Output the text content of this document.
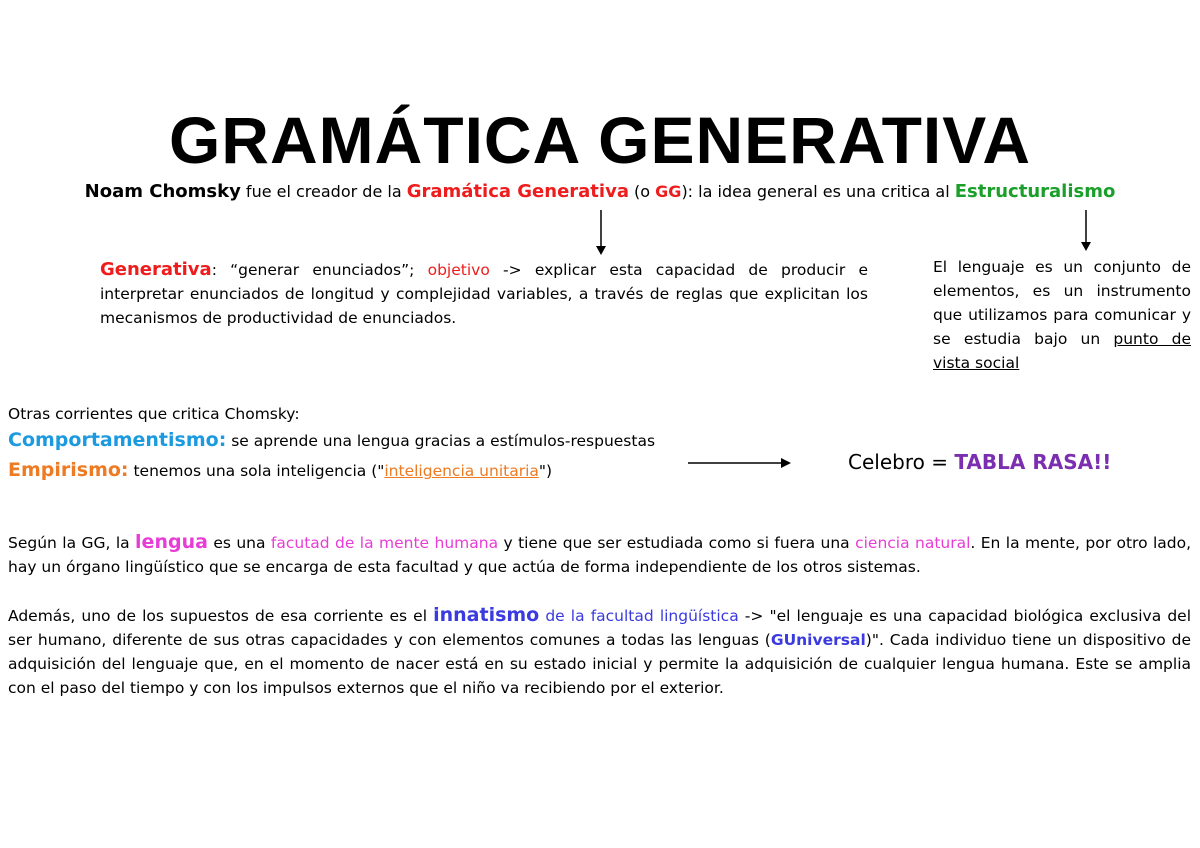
GRAMÁTICA GENERATIVA
Noam Chomsky fue el creador de la Gramática Generativa (o GG): la idea general es una critica al Estructuralismo
Generativa: “generar enunciados”; objetivo -> explicar esta capacidad de producir e interpretar enunciados de longitud y complejidad variables, a través de reglas que explicitan los mecanismos de productividad de enunciados.
El lenguaje es un conjunto de elementos, es un instrumento que utilizamos para comunicar y se estudia bajo un punto de vista social
Otras corrientes que critica Chomsky:
Comportamentismo: se aprende una lengua gracias a estímulos-respuestas
Empirismo: tenemos una sola inteligencia ("inteligencia unitaria")	Celebro = TABLA RASA!!
Según la GG, la lengua es una facutad de la mente humana y tiene que ser estudiada como si fuera una ciencia natural. En la mente, por otro lado, hay un órgano lingüístico que se encarga de esta facultad y que actúa de forma independiente de los otros sistemas.
Además, uno de los supuestos de esa corriente es el innatismo de la facultad lingüística -> "el lenguaje es una capacidad biológica exclusiva del ser humano, diferente de sus otras capacidades y con elementos comunes a todas las lenguas (GUniversal)". Cada individuo tiene un dispositivo de adquisición del lenguaje que, en el momento de nacer está en su estado inicial y permite la adquisición de cualquier lengua humana. Este se amplia con el paso del tiempo y con los impulsos externos que el niño va recibiendo por el exterior.
